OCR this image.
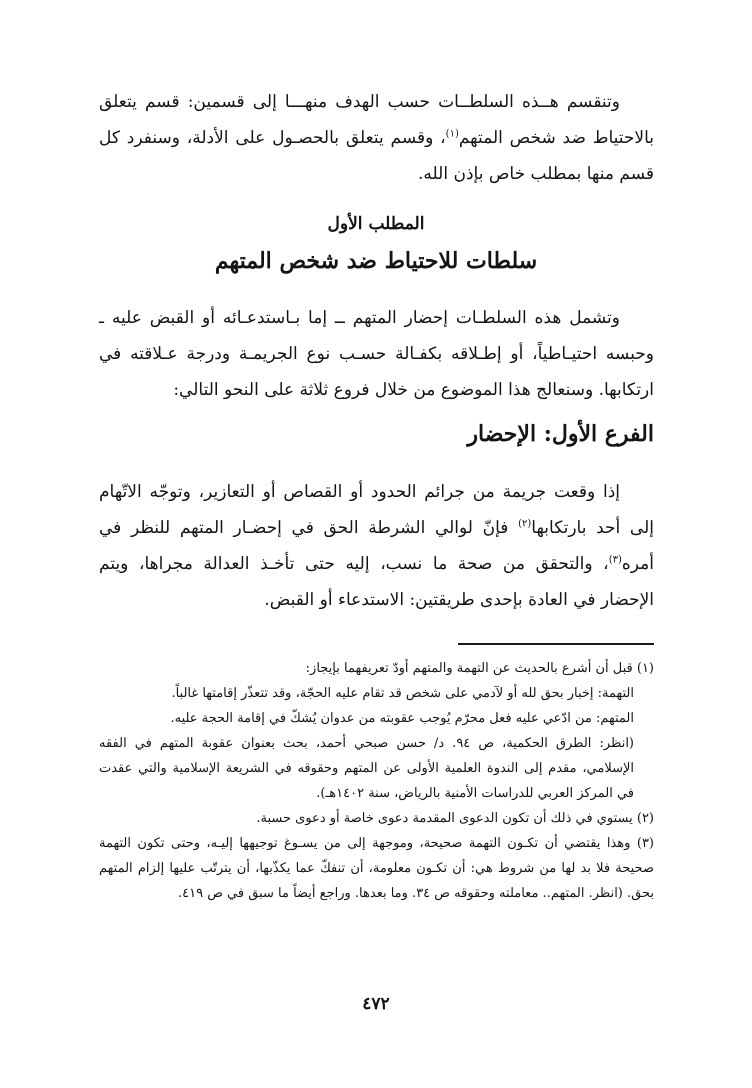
وتنقسم هــذه السلطــات حسب الهدف منهـــا إلى قسمين: قسم يتعلق بالاحتياط ضد شخص المتهم$^{(١)}$، وقسم يتعلق بالحصـول على الأدلة، وسنفرد كل قسم منها بمطلب خاص بإذن الله.

المطلب الأول
سلطات للاحتياط ضد شخص المتهم

وتشمل هذه السلطـات إحضار المتهم ــ إما بـاستدعـائه أو القبض عليه ـ وحبسه احتيـاطياً، أو إطـلاقه بكفـالة حسـب نوع الجريمـة ودرجة عـلاقته في ارتكابها. وسنعالج هذا الموضوع من خلال فروع ثلاثة على النحو التالي:

الفرع الأول: الإحضار

إذا وقعت جريمة من جرائم الحدود أو القصاص أو التعازير، وتوجّه الاتّهام إلى أحد بارتكابها$^{(٢)}$ فإنّ لوالي الشرطة الحق في إحضـار المتهم للنظر في أمره$^{(٣)}$، والتحقق من صحة ما نسب، إليه حتى تأخـذ العدالة مجراها، ويتم الإحضار في العادة بإحدى طريقتين: الاستدعاء أو القبض.

(١) قبل أن أشرع بالحديث عن التهمة والمتهم أودّ تعريفهما بإيجاز:

التهمة: إخبار بحق لله أو لآدمي على شخص قد تقام عليه الحجّة، وقد تتعذّر إقامتها غالباً.

المتهم: من ادّعي عليه فعل محرّم يُوجب عقوبته من عدوان يُشكّ في إقامة الحجة عليه.

(انظر: الطرق الحكمية، ص ٩٤. د/ حسن صبحي أحمد، بحث بعنوان عقوبة المتهم في الفقه الإسلامي، مقدم إلى الندوة العلمية الأولى عن المتهم وحقوقه في الشريعة الإسلامية والتي عقدت في المركز العربي للدراسات الأمنية بالرياض، سنة ١٤٠٢هـ).

(٢) يستوي في ذلك أن تكون الدعوى المقدمة دعوى خاصة أو دعوى حسبة.

(٣) وهذا يقتضي أن تكـون التهمة صحيحة، وموجهة إلى من يسـوغ توجيهها إليـه، وحتى تكون التهمة صحيحة فلا بد لها من شروط هي: أن تكـون معلومة، أن تنفكّ عما يكذّبها، أن يترتّب عليها إلزام المتهم بحق. (انظر. المتهم.. معاملته وحقوقه ص ٣٤. وما بعدها. وراجع أيضاً ما سبق في ص ٤١٩.

٤٧٢
